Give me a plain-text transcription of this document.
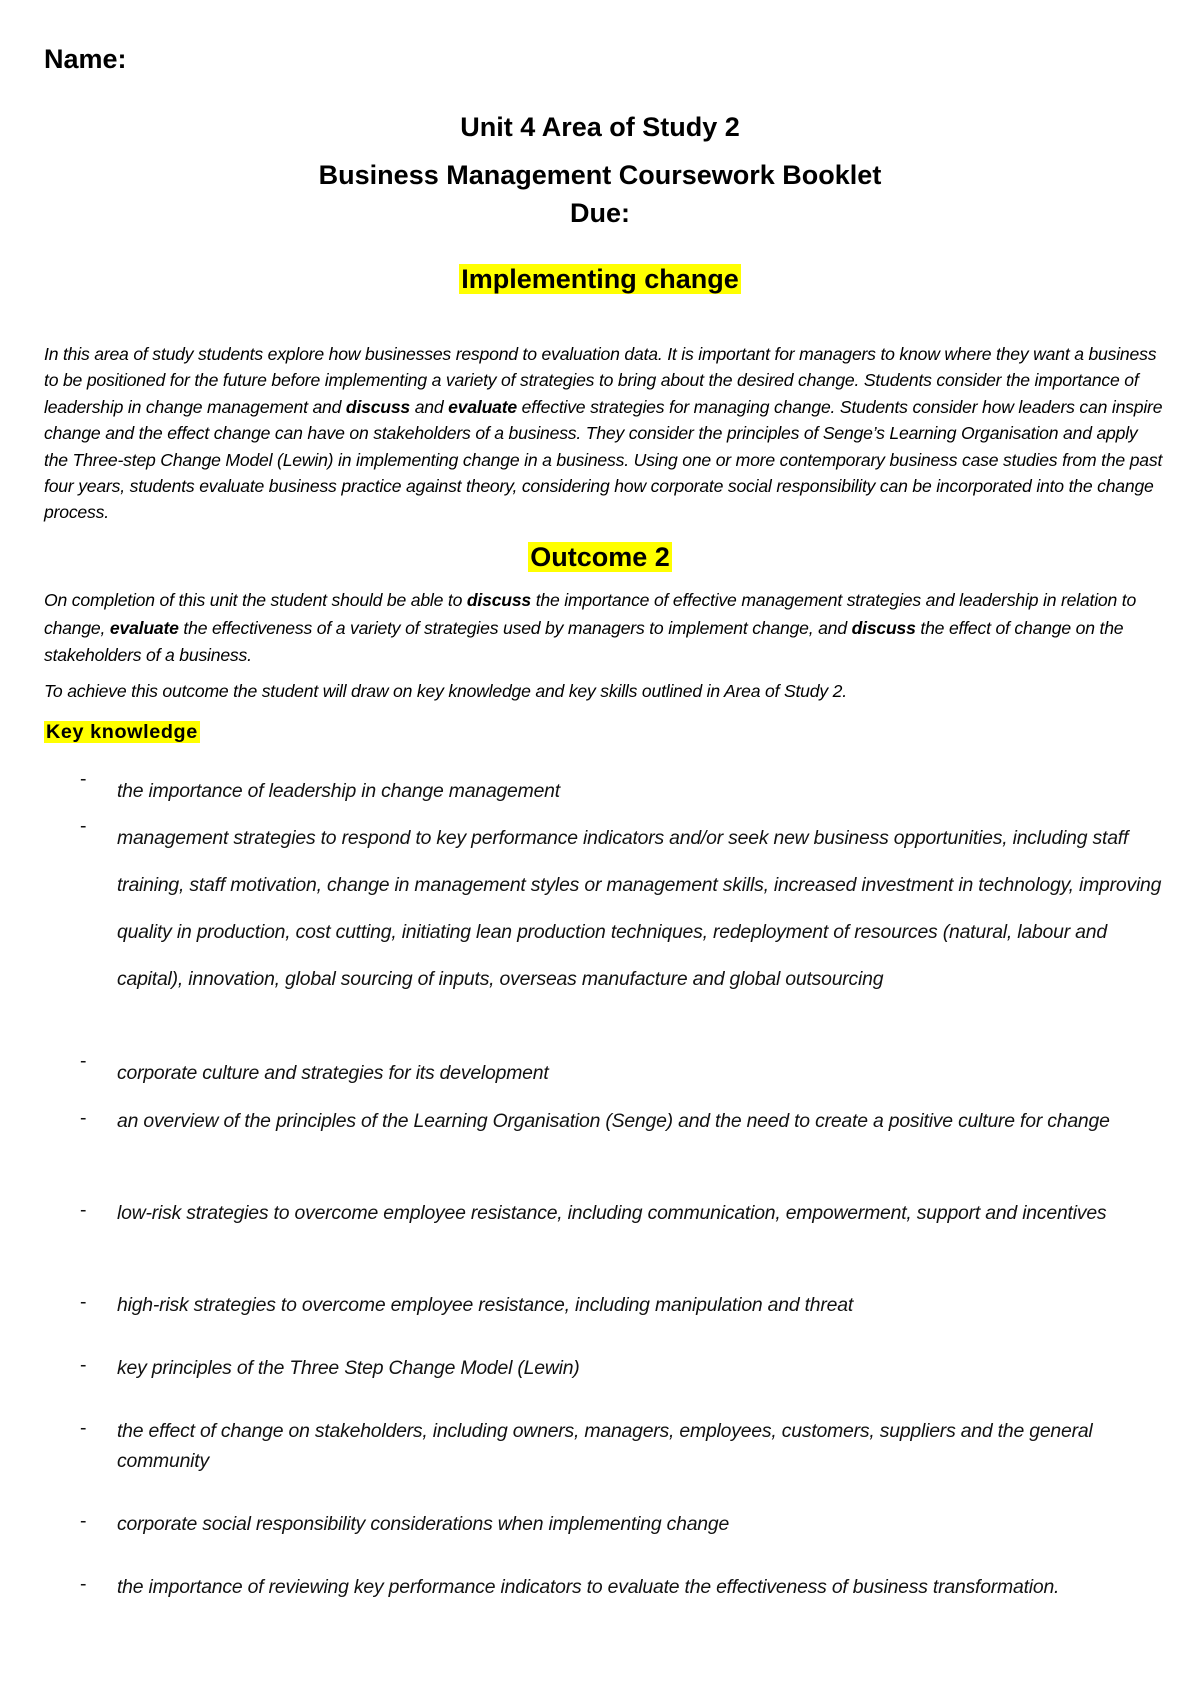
Name:

Unit 4 Area of Study 2

Business Management Coursework Booklet

Due:

Implementing change

In this area of study students explore how businesses respond to evaluation data. It is important for managers to know where they want a business to be positioned for the future before implementing a variety of strategies to bring about the desired change. Students consider the importance of leadership in change management and discuss and evaluate effective strategies for managing change. Students consider how leaders can inspire change and the effect change can have on stakeholders of a business. They consider the principles of Senge’s Learning Organisation and apply the Three-step Change Model (Lewin) in implementing change in a business. Using one or more contemporary business case studies from the past four years, students evaluate business practice against theory, considering how corporate social responsibility can be incorporated into the change process.

Outcome 2

On completion of this unit the student should be able to discuss the importance of effective management strategies and leadership in relation to change, evaluate the effectiveness of a variety of strategies used by managers to implement change, and discuss the effect of change on the stakeholders of a business.

To achieve this outcome the student will draw on key knowledge and key skills outlined in Area of Study 2.

Key knowledge

-

the importance of leadership in change management

-

management strategies to respond to key performance indicators and/or seek new business opportunities, including staff training, staff motivation, change in management styles or management skills, increased investment in technology, improving quality in production, cost cutting, initiating lean production techniques, redeployment of resources (natural, labour and capital), innovation, global sourcing of inputs, overseas manufacture and global outsourcing

-

corporate culture and strategies for its development

- an overview of the principles of the Learning Organisation (Senge) and the need to create a positive culture for change

- low-risk strategies to overcome employee resistance, including communication, empowerment, support and incentives

- high-risk strategies to overcome employee resistance, including manipulation and threat

- key principles of the Three Step Change Model (Lewin)

- the effect of change on stakeholders, including owners, managers, employees, customers, suppliers and the general community

- corporate social responsibility considerations when implementing change

- the importance of reviewing key performance indicators to evaluate the effectiveness of business transformation.
